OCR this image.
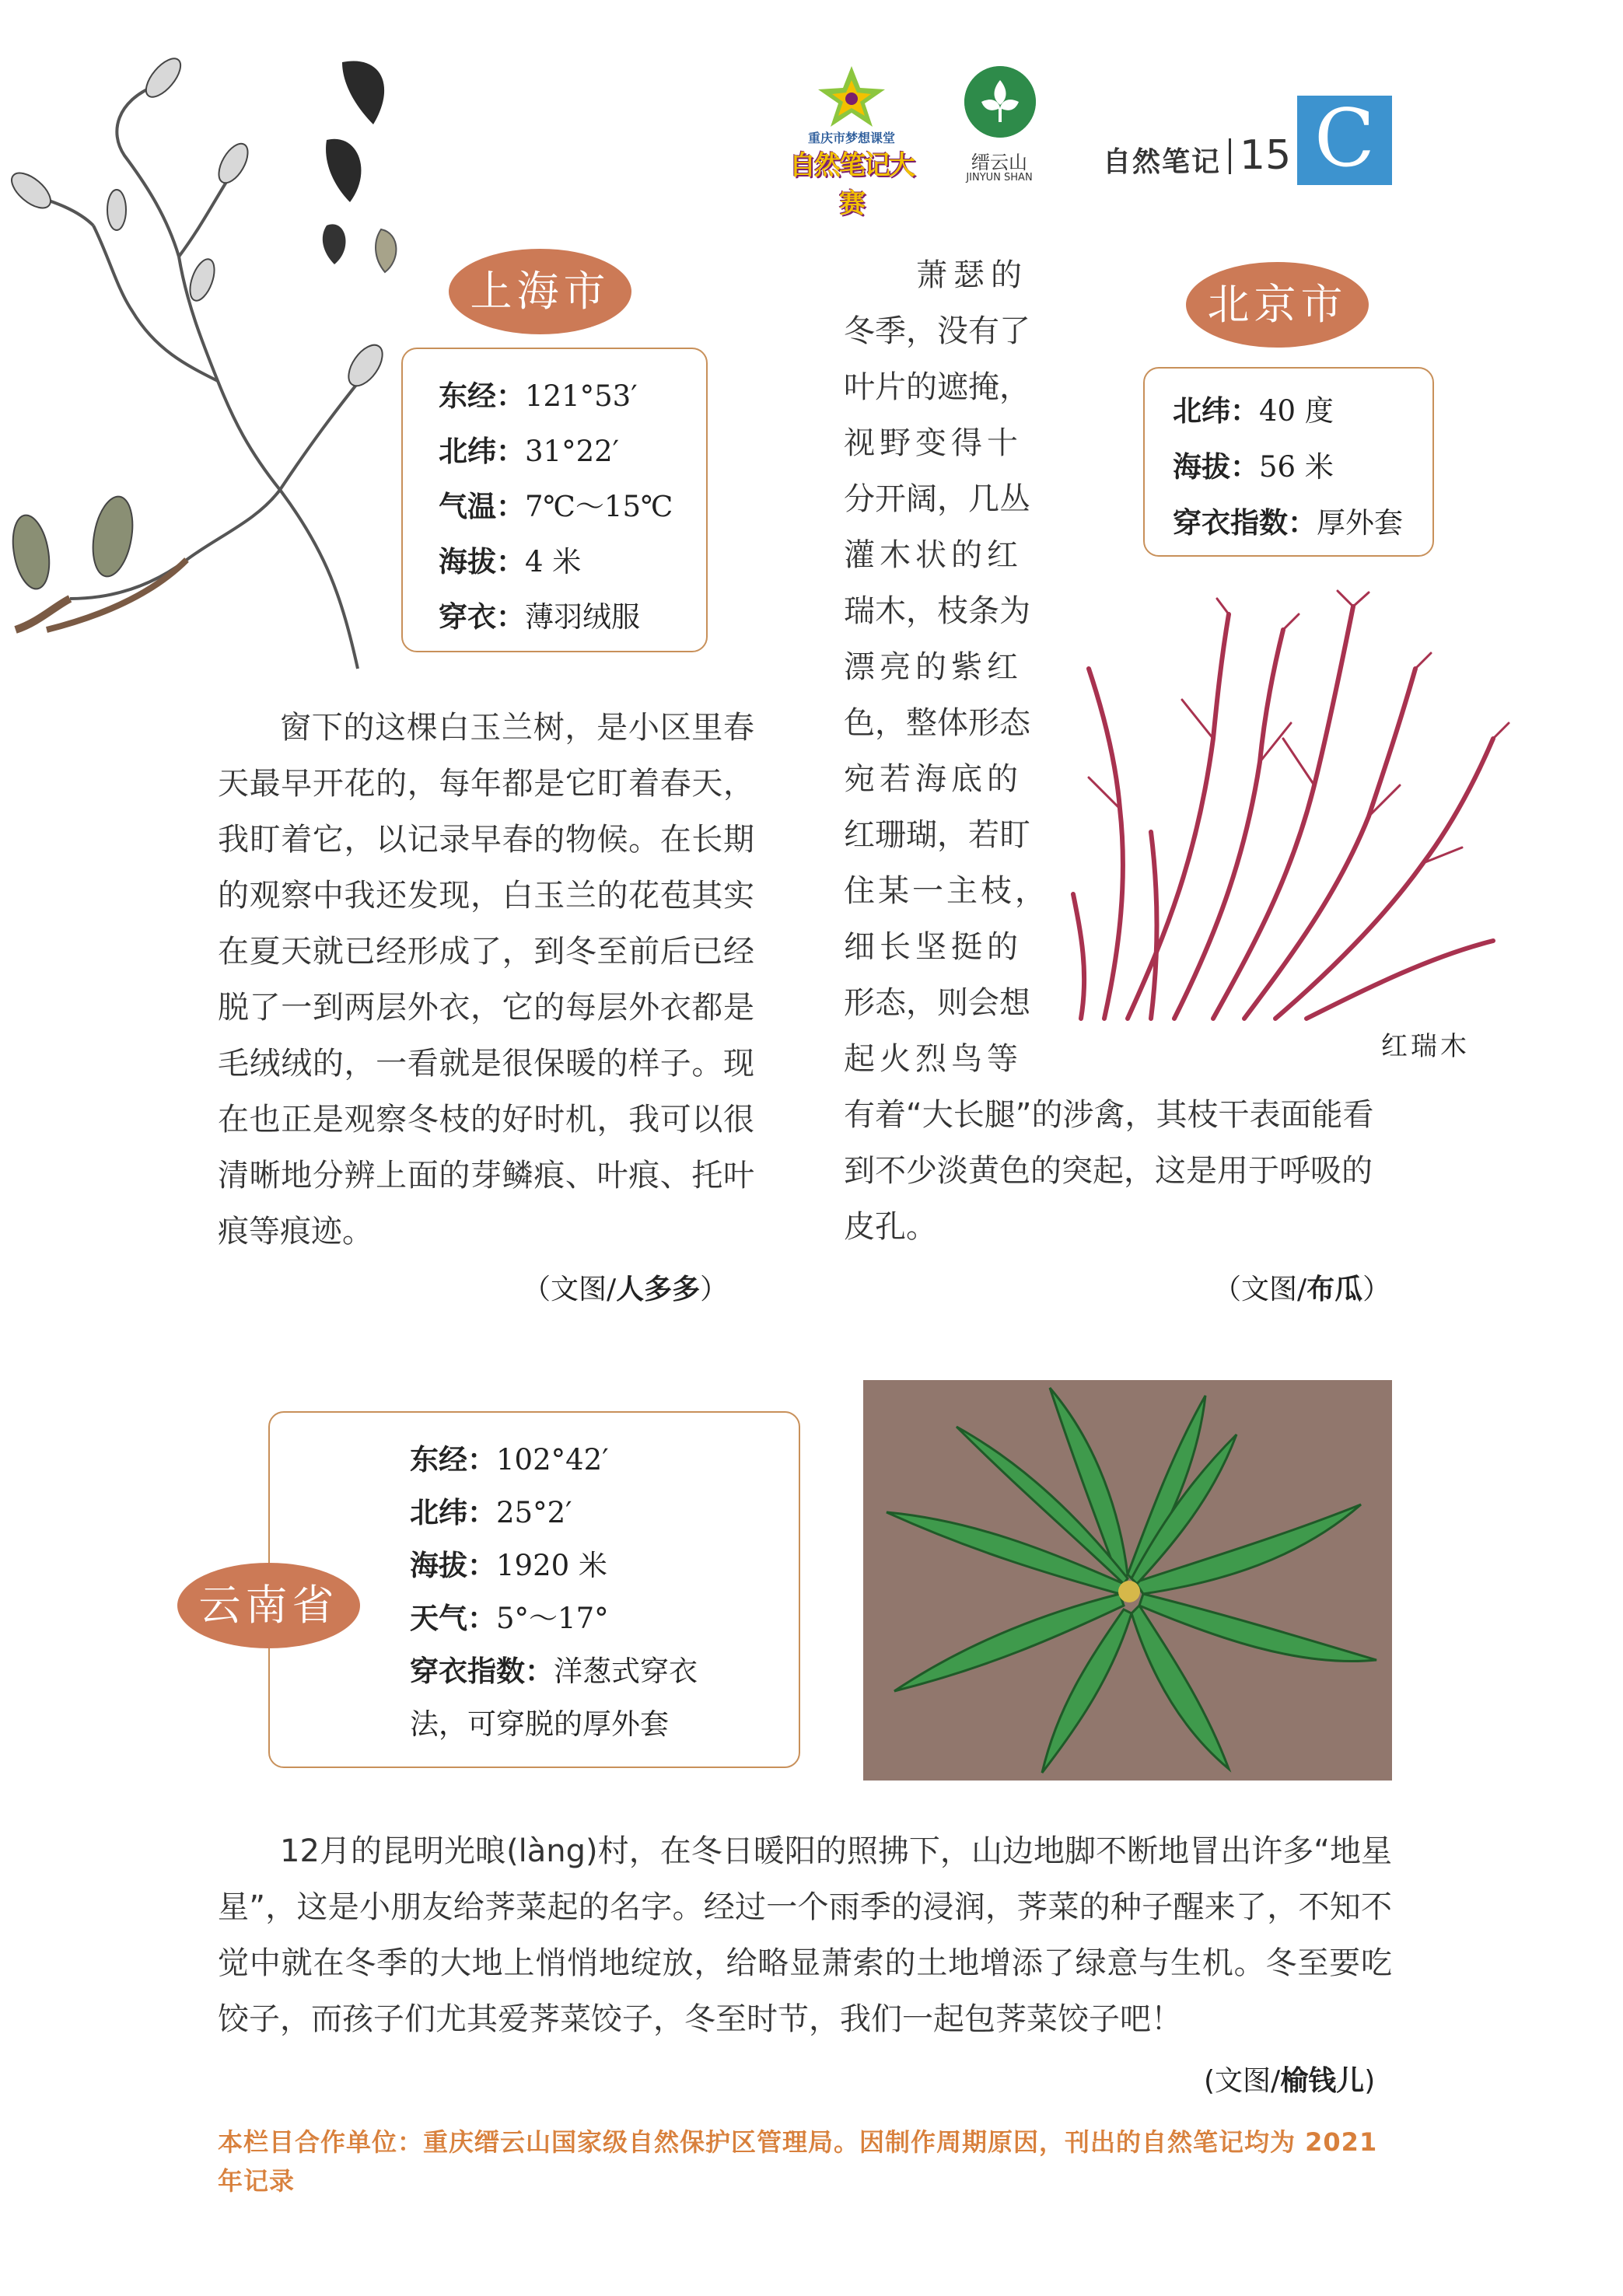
重庆市梦想课堂
自然笔记大赛
缙云山
JINYUN SHAN	自然笔记 15 C
上海市
东经：121°53′
北纬：31°22′
气温：7℃～15℃
海拔：4 米
穿衣：薄羽绒服
窗下的这棵白玉兰树，是小区里春天最早开花的，每年都是它盯着春天，我盯着它，以记录早春的物候。在长期的观察中我还发现，白玉兰的花苞其实在夏天就已经形成了，到冬至前后已经脱了一到两层外衣，它的每层外衣都是毛绒绒的，一看就是很保暖的样子。现在也正是观察冬枝的好时机，我可以很清晰地分辨上面的芽鳞痕、叶痕、托叶痕等痕迹。
（文图/人多多）
北京市
北纬：40 度
海拔：56 米
穿衣指数：厚外套
萧瑟的
冬季，没有了
叶片的遮掩，
视野变得十
分开阔，几丛
灌木状的红
瑞木，枝条为
漂亮的紫红
色，整体形态
宛若海底的
红珊瑚，若盯
住某一主枝，
细长坚挺的
形态，则会想
起火烈鸟等
有着“大长腿”的涉禽，其枝干表面能看
到不少淡黄色的突起，这是用于呼吸的
皮孔。
红瑞木
（文图/布瓜）
东经：102°42′
北纬：25°2′
海拔：1920 米
天气：5°～17°
穿衣指数：洋葱式穿衣
法，可穿脱的厚外套
云南省
12月的昆明光㫰(làng)村，在冬日暖阳的照拂下，山边地脚不断地冒出许多“地星星”，这是小朋友给荠菜起的名字。经过一个雨季的浸润，荠菜的种子醒来了，不知不觉中就在冬季的大地上悄悄地绽放，给略显萧索的土地增添了绿意与生机。冬至要吃饺子，而孩子们尤其爱荠菜饺子，冬至时节，我们一起包荠菜饺子吧！
(文图/榆钱儿)
本栏目合作单位：重庆缙云山国家级自然保护区管理局。因制作周期原因，刊出的自然笔记均为 2021 年记录
